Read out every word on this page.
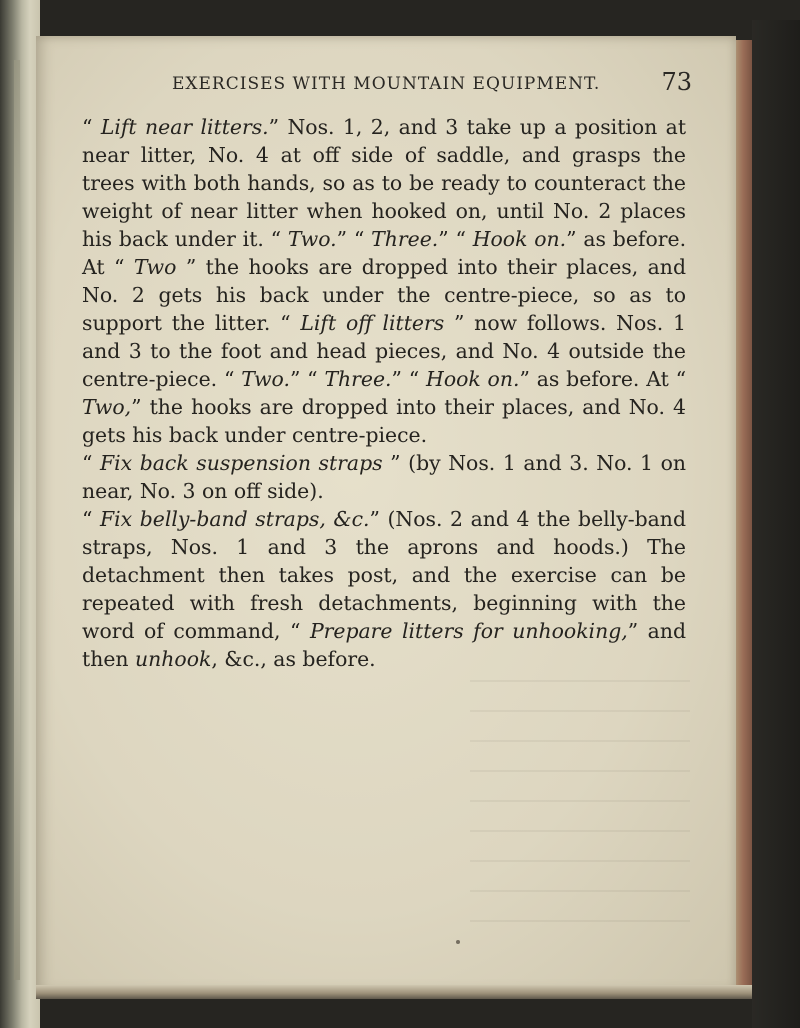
EXERCISES WITH MOUNTAIN EQUIPMENT.	73

“ Lift near litters.” Nos. 1, 2, and 3 take up a position at near litter, No. 4 at off side of saddle, and grasps the trees with both hands, so as to be ready to counteract the weight of near litter when hooked on, until No. 2 places his back under it. “ Two.” “ Three.” “ Hook on.” as before. At “ Two ” the hooks are dropped into their places, and No. 2 gets his back under the centre-piece, so as to support the litter. “ Lift off litters ” now follows. Nos. 1 and 3 to the foot and head pieces, and No. 4 outside the centre-piece. “ Two.” “ Three.” “ Hook on.” as before. At “ Two,” the hooks are dropped into their places, and No. 4 gets his back under centre-piece.

“ Fix back suspension straps ” (by Nos. 1 and 3. No. 1 on near, No. 3 on off side).

“ Fix belly-band straps, &c.” (Nos. 2 and 4 the belly-band straps, Nos. 1 and 3 the aprons and hoods.) The detachment then takes post, and the exercise can be repeated with fresh detachments, beginning with the word of command, “ Prepare litters for unhooking,” and then unhook, &c., as before.
